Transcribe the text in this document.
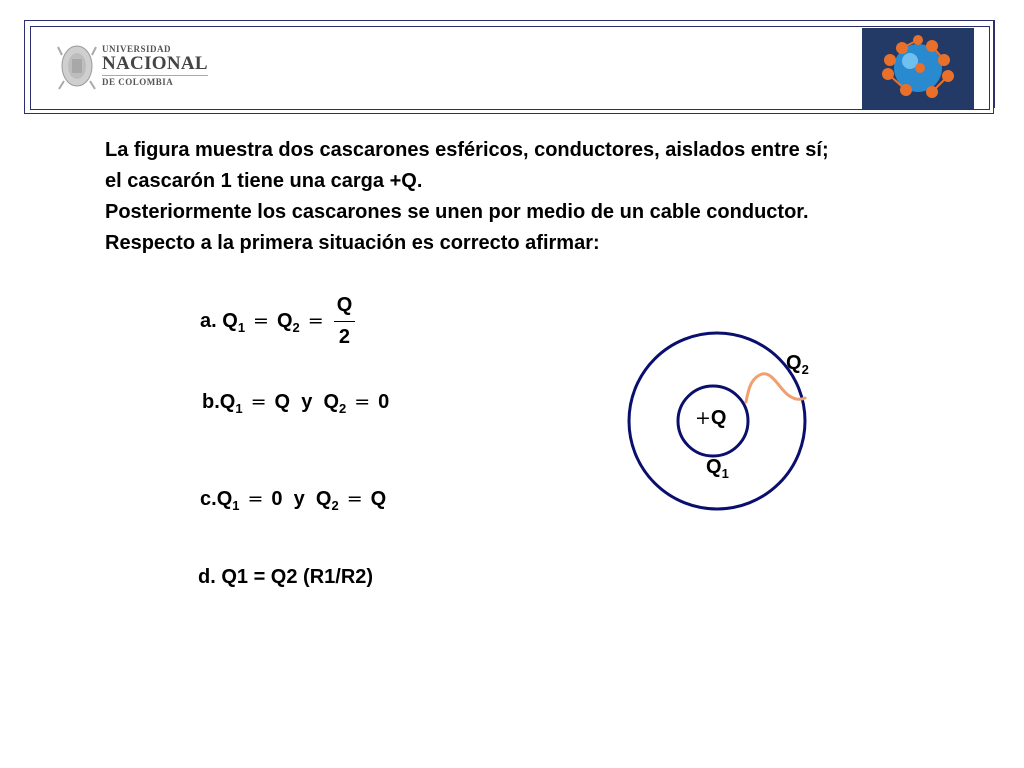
UNIVERSIDAD
NACIONAL
DE COLOMBIA
La figura muestra dos cascarones esféricos, conductores, aislados entre sí;
el cascarón 1 tiene una carga +Q.
Posteriormente los cascarones se unen por medio de un cable conductor.
Respecto a la primera situación es correcto afirmar:
a. $Q_1 = Q_2 = \frac{Q}{2}$
$b.Q_1 = Q$ y $Q_2 = 0$
$c.Q_1 = 0$ y $Q_2 = Q$
d. Q1 = Q2 (R1/R2)
+Q
$Q_1$
$Q_2$
